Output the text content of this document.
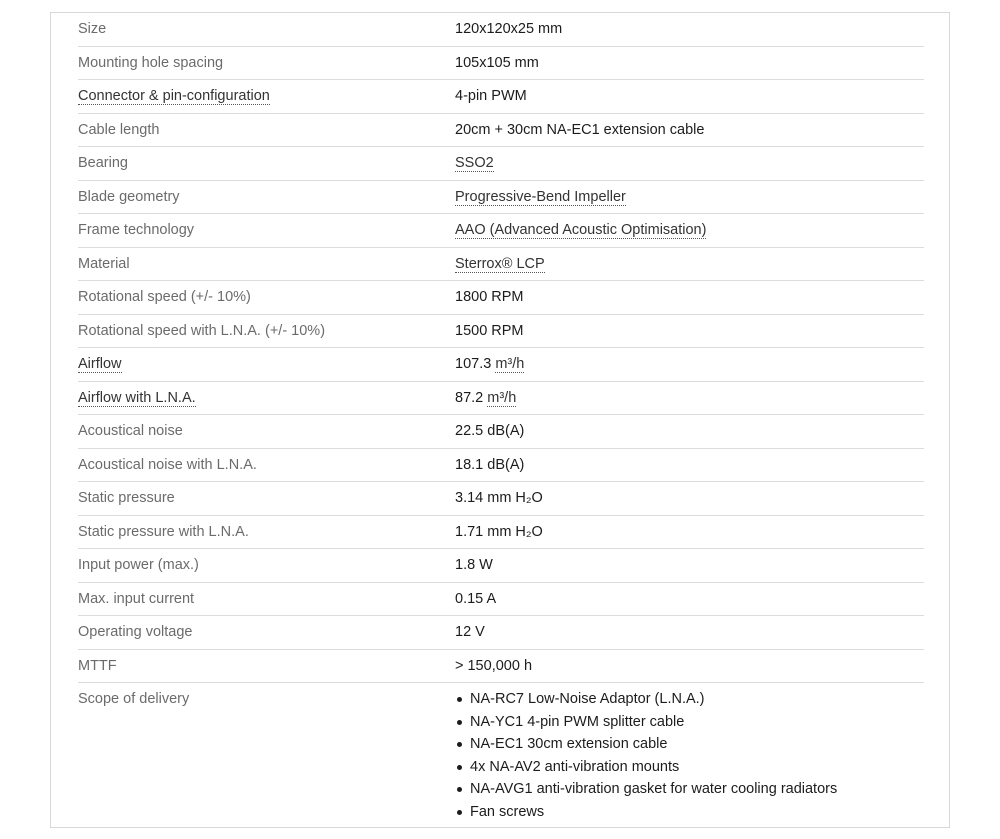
Size	120x120x25 mm
Mounting hole spacing	105x105 mm
Connector & pin-configuration	4-pin PWM
Cable length	20cm + 30cm NA-EC1 extension cable
Bearing	SSO2
Blade geometry	Progressive-Bend Impeller
Frame technology	AAO (Advanced Acoustic Optimisation)
Material	Sterrox® LCP
Rotational speed (+/- 10%)	1800 RPM
Rotational speed with L.N.A. (+/- 10%)	1500 RPM
Airflow	107.3 m³/h
Airflow with L.N.A.	87.2 m³/h
Acoustical noise	22.5 dB(A)
Acoustical noise with L.N.A.	18.1 dB(A)
Static pressure	3.14 mm H₂O
Static pressure with L.N.A.	1.71 mm H₂O
Input power (max.)	1.8 W
Max. input current	0.15 A
Operating voltage	12 V
MTTF	> 150,000 h
Scope of delivery	NA-RC7 Low-Noise Adaptor (L.N.A.)
NA-YC1 4-pin PWM splitter cable
NA-EC1 30cm extension cable
4x NA-AV2 anti-vibration mounts
NA-AVG1 anti-vibration gasket for water cooling radiators
Fan screws
